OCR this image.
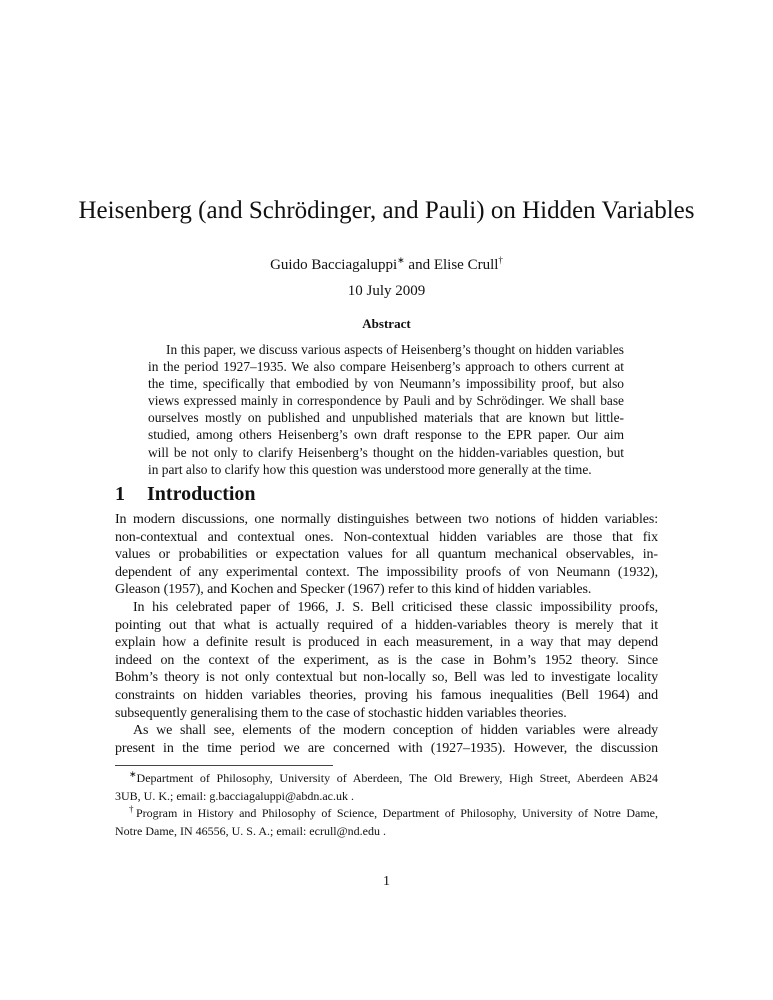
Heisenberg (and Schrödinger, and Pauli) on Hidden Variables
Guido Bacciagaluppi∗ and Elise Crull†
10 July 2009
Abstract
In this paper, we discuss various aspects of Heisenberg’s thought on hidden variables
in the period 1927–1935. We also compare Heisenberg’s approach to others current at
the time, specifically that embodied by von Neumann’s impossibility proof, but also
views expressed mainly in correspondence by Pauli and by Schrödinger. We shall base
ourselves mostly on published and unpublished materials that are known but little-
studied, among others Heisenberg’s own draft response to the EPR paper. Our aim
will be not only to clarify Heisenberg’s thought on the hidden-variables question, but
in part also to clarify how this question was understood more generally at the time.
1 Introduction
In modern discussions, one normally distinguishes between two notions of hidden variables:
non-contextual and contextual ones. Non-contextual hidden variables are those that fix
values or probabilities or expectation values for all quantum mechanical observables, in-
dependent of any experimental context. The impossibility proofs of von Neumann (1932),
Gleason (1957), and Kochen and Specker (1967) refer to this kind of hidden variables.
In his celebrated paper of 1966, J. S. Bell criticised these classic impossibility proofs,
pointing out that what is actually required of a hidden-variables theory is merely that it
explain how a definite result is produced in each measurement, in a way that may depend
indeed on the context of the experiment, as is the case in Bohm’s 1952 theory. Since
Bohm’s theory is not only contextual but non-locally so, Bell was led to investigate locality
constraints on hidden variables theories, proving his famous inequalities (Bell 1964) and
subsequently generalising them to the case of stochastic hidden variables theories.
As we shall see, elements of the modern conception of hidden variables were already
present in the time period we are concerned with (1927–1935). However, the discussion
∗Department of Philosophy, University of Aberdeen, The Old Brewery, High Street, Aberdeen AB24
3UB, U. K.; email: g.bacciagaluppi@abdn.ac.uk .
†Program in History and Philosophy of Science, Department of Philosophy, University of Notre Dame,
Notre Dame, IN 46556, U. S. A.; email: ecrull@nd.edu .
1
